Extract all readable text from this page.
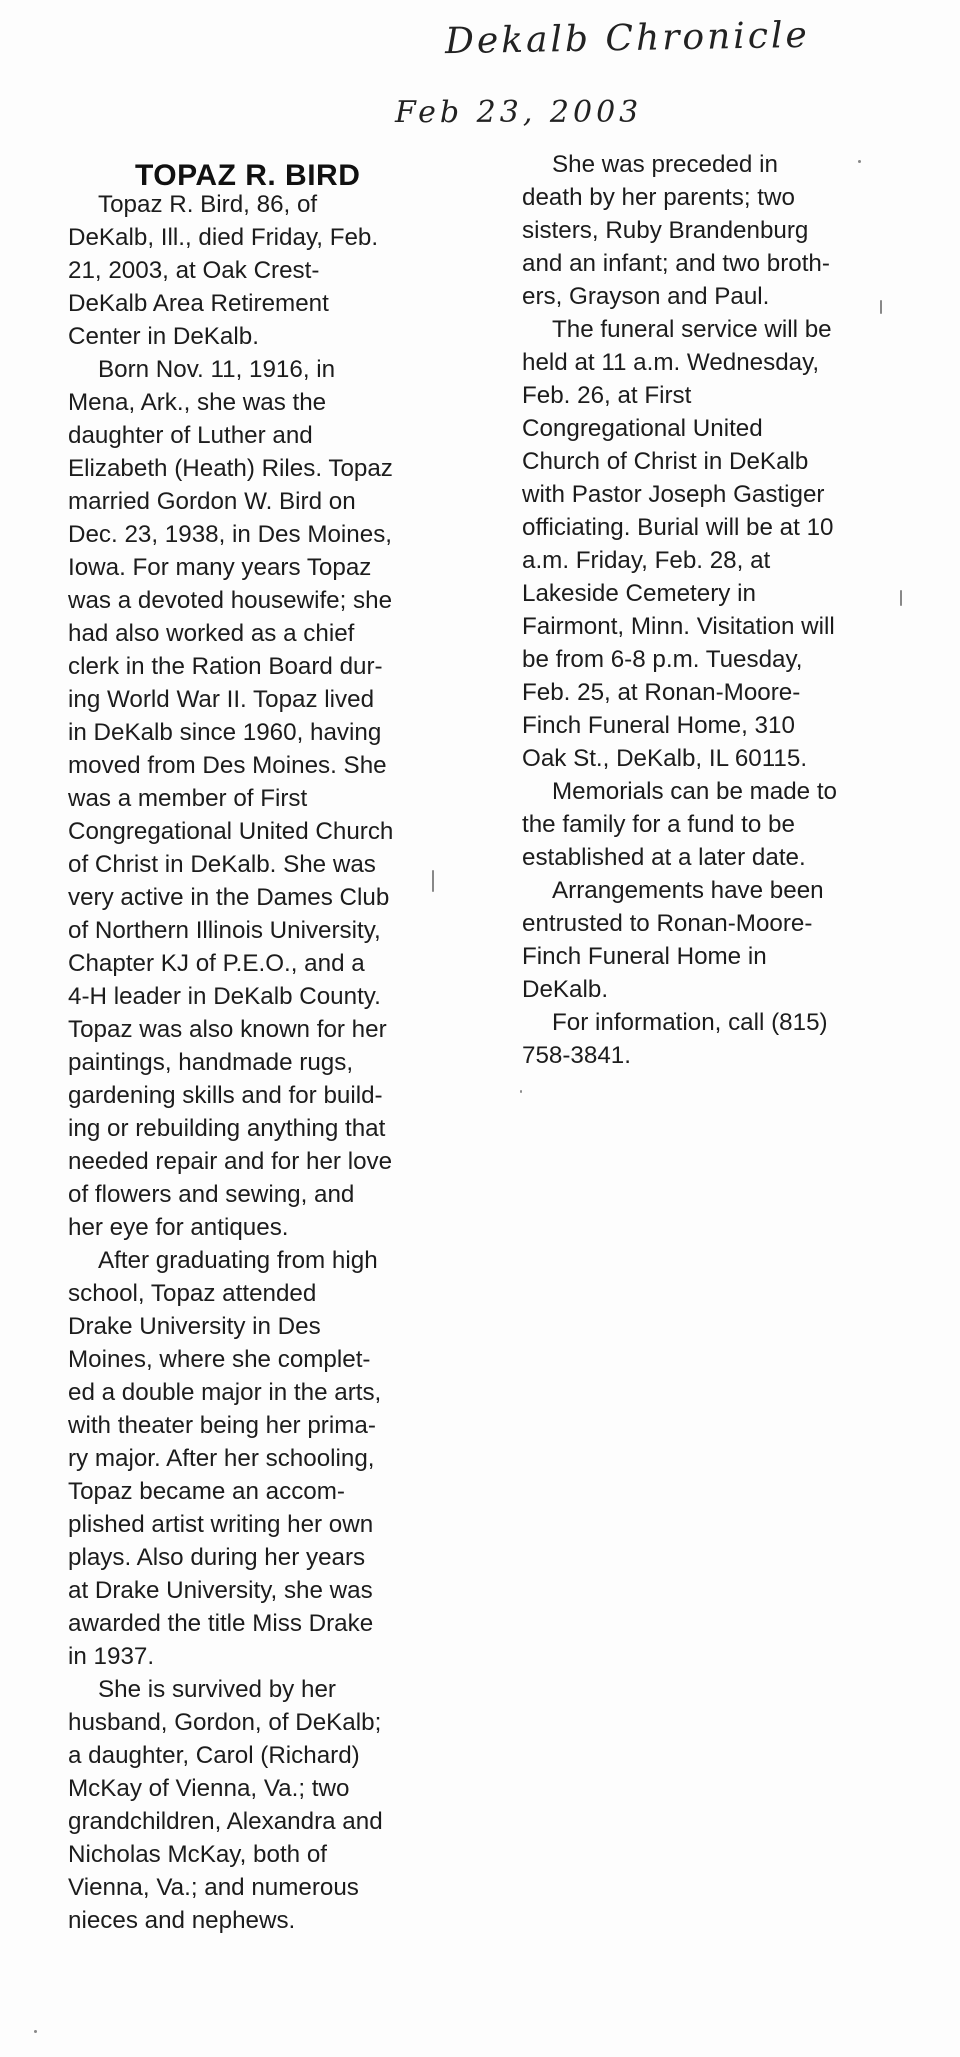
Dekalb Chronicle
Feb 23, 2003
TOPAZ R. BIRD
Topaz R. Bird, 86, of
DeKalb, Ill., died Friday, Feb.
21, 2003, at Oak Crest-
DeKalb Area Retirement
Center in DeKalb.
Born Nov. 11, 1916, in
Mena, Ark., she was the
daughter of Luther and
Elizabeth (Heath) Riles. Topaz
married Gordon W. Bird on
Dec. 23, 1938, in Des Moines,
Iowa. For many years Topaz
was a devoted housewife; she
had also worked as a chief
clerk in the Ration Board dur-
ing World War II. Topaz lived
in DeKalb since 1960, having
moved from Des Moines. She
was a member of First
Congregational United Church
of Christ in DeKalb. She was
very active in the Dames Club
of Northern Illinois University,
Chapter KJ of P.E.O., and a
4-H leader in DeKalb County.
Topaz was also known for her
paintings, handmade rugs,
gardening skills and for build-
ing or rebuilding anything that
needed repair and for her love
of flowers and sewing, and
her eye for antiques.
After graduating from high
school, Topaz attended
Drake University in Des
Moines, where she complet-
ed a double major in the arts,
with theater being her prima-
ry major. After her schooling,
Topaz became an accom-
plished artist writing her own
plays. Also during her years
at Drake University, she was
awarded the title Miss Drake
in 1937.
She is survived by her
husband, Gordon, of DeKalb;
a daughter, Carol (Richard)
McKay of Vienna, Va.; two
grandchildren, Alexandra and
Nicholas McKay, both of
Vienna, Va.; and numerous
nieces and nephews.
She was preceded in
death by her parents; two
sisters, Ruby Brandenburg
and an infant; and two broth-
ers, Grayson and Paul.
The funeral service will be
held at 11 a.m. Wednesday,
Feb. 26, at First
Congregational United
Church of Christ in DeKalb
with Pastor Joseph Gastiger
officiating. Burial will be at 10
a.m. Friday, Feb. 28, at
Lakeside Cemetery in
Fairmont, Minn. Visitation will
be from 6-8 p.m. Tuesday,
Feb. 25, at Ronan-Moore-
Finch Funeral Home, 310
Oak St., DeKalb, IL 60115.
Memorials can be made to
the family for a fund to be
established at a later date.
Arrangements have been
entrusted to Ronan-Moore-
Finch Funeral Home in
DeKalb.
For information, call (815)
758-3841.
